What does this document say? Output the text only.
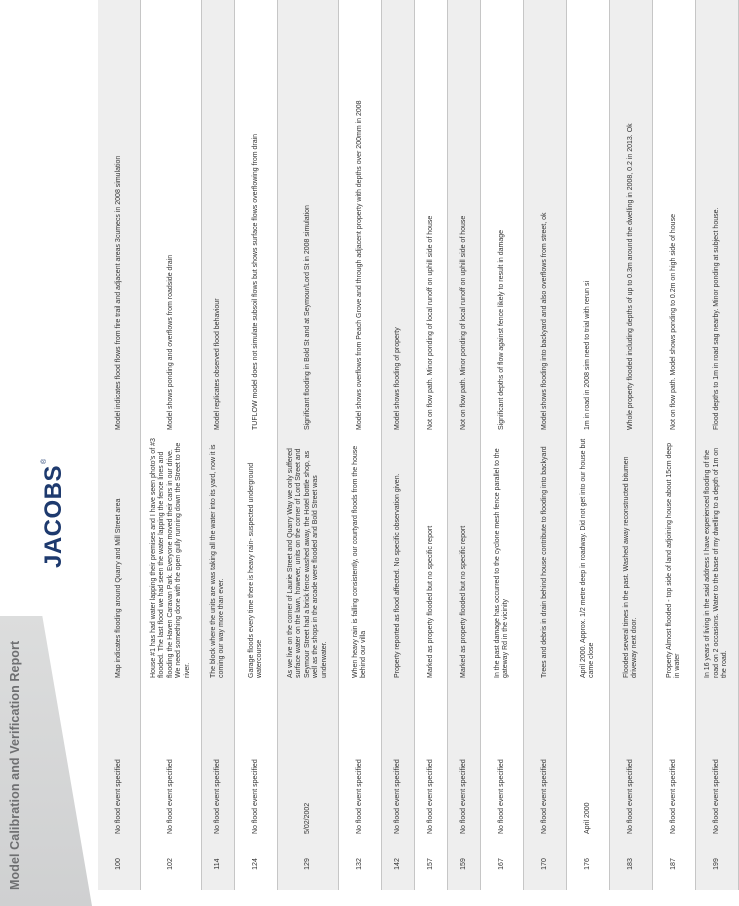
Model Calibration and Verification Report
JACOBS
®
100	No flood event specified	Map indicates flooding around Quarry and Mill Street area	Model indicates flood flows from fire trail and adjacent areas 3cumecs in 2008 simulation
102	No flood event specified	House #1 has had water lapping their premises and I have seen photo's of #3 flooded. The last flood we had seen the water lapping the fence lines and flooding the Haven Caravan Park. Everyone moved their cars in our drive. We need something done with the open gully running down the Street to the river.	Model shows ponding and overflows from roadside drain
114	No flood event specified	The block where the units are was taking all the water into its yard, now it is coming our way more than ever.	Model replicates observed flood behaviour
124	No flood event specified	Garage floods every time there is heavy rain- suspected underground watercourse	TUFLOW model does not simulate subsoil flows but shows surface flows overflowing from drain
129	5/02/2002	As we live on the corner of Laurie Street and Quarry Way we only suffered surface water on the lawn, however, units on the corner of Lord Street and Seymour Street had a brick fence washed away, the Hotel bottle shop, as well as the shops in the arcade were flooded and Bold Street was underwater.	Significant flooding in Bold St and at Seymour/Lord St in 2008 simulation
132	No flood event specified	When heavy rain is falling consistently, our courtyard floods from the house behind our villa	Model shows overflows from Peach Grove and through adjacent property with depths over 200mm in 2008
142	No flood event specified	Property reported as flood affected. No specific observation given.	Model shows flooding of property
157	No flood event specified	Marked as property flooded but no specific report	Not on flow path. Minor ponding of local runoff on uphill side of house
159	No flood event specified	Marked as property flooded but no specific report	Not on flow path. Minor ponding of local runoff on uphill side of house
167	No flood event specified	In the past damage has occurred to the cyclone mesh fence parallel to the gateway Rd in the vicinity	Significant depths of flow against fence likely to result in damage
170	No flood event specified	Trees and debris in drain behind house contribute to flooding into backyard	Model shows flooding into backyard and also overflows from street, ok
176	April 2000	April 2000. Approx. 1/2 metre deep in roadway. Did not get into our house but came close	1m in road in 2008 sim need to trial with rerun si
183	No flood event specified	Flooded several times in the past. Washed away reconstructed bitumen driveway next door.	Whole property flooded including depths of up to 0.3m around the dwelling in 2008, 0.2 in 2013. Ok
187	No flood event specified	Property Almost flooded - top side of land adjoining house about 15cm deep in water	Not on flow path. Model shows ponding to 0.2m on high side of house
199	No flood event specified	In 16 years of living in the said address I have experienced flooding of the road on 2 occasions. Water to the base of my dwelling to a depth of 1m on the road.	Flood depths to 1m in road sag nearby. Minor ponding at subject house.
